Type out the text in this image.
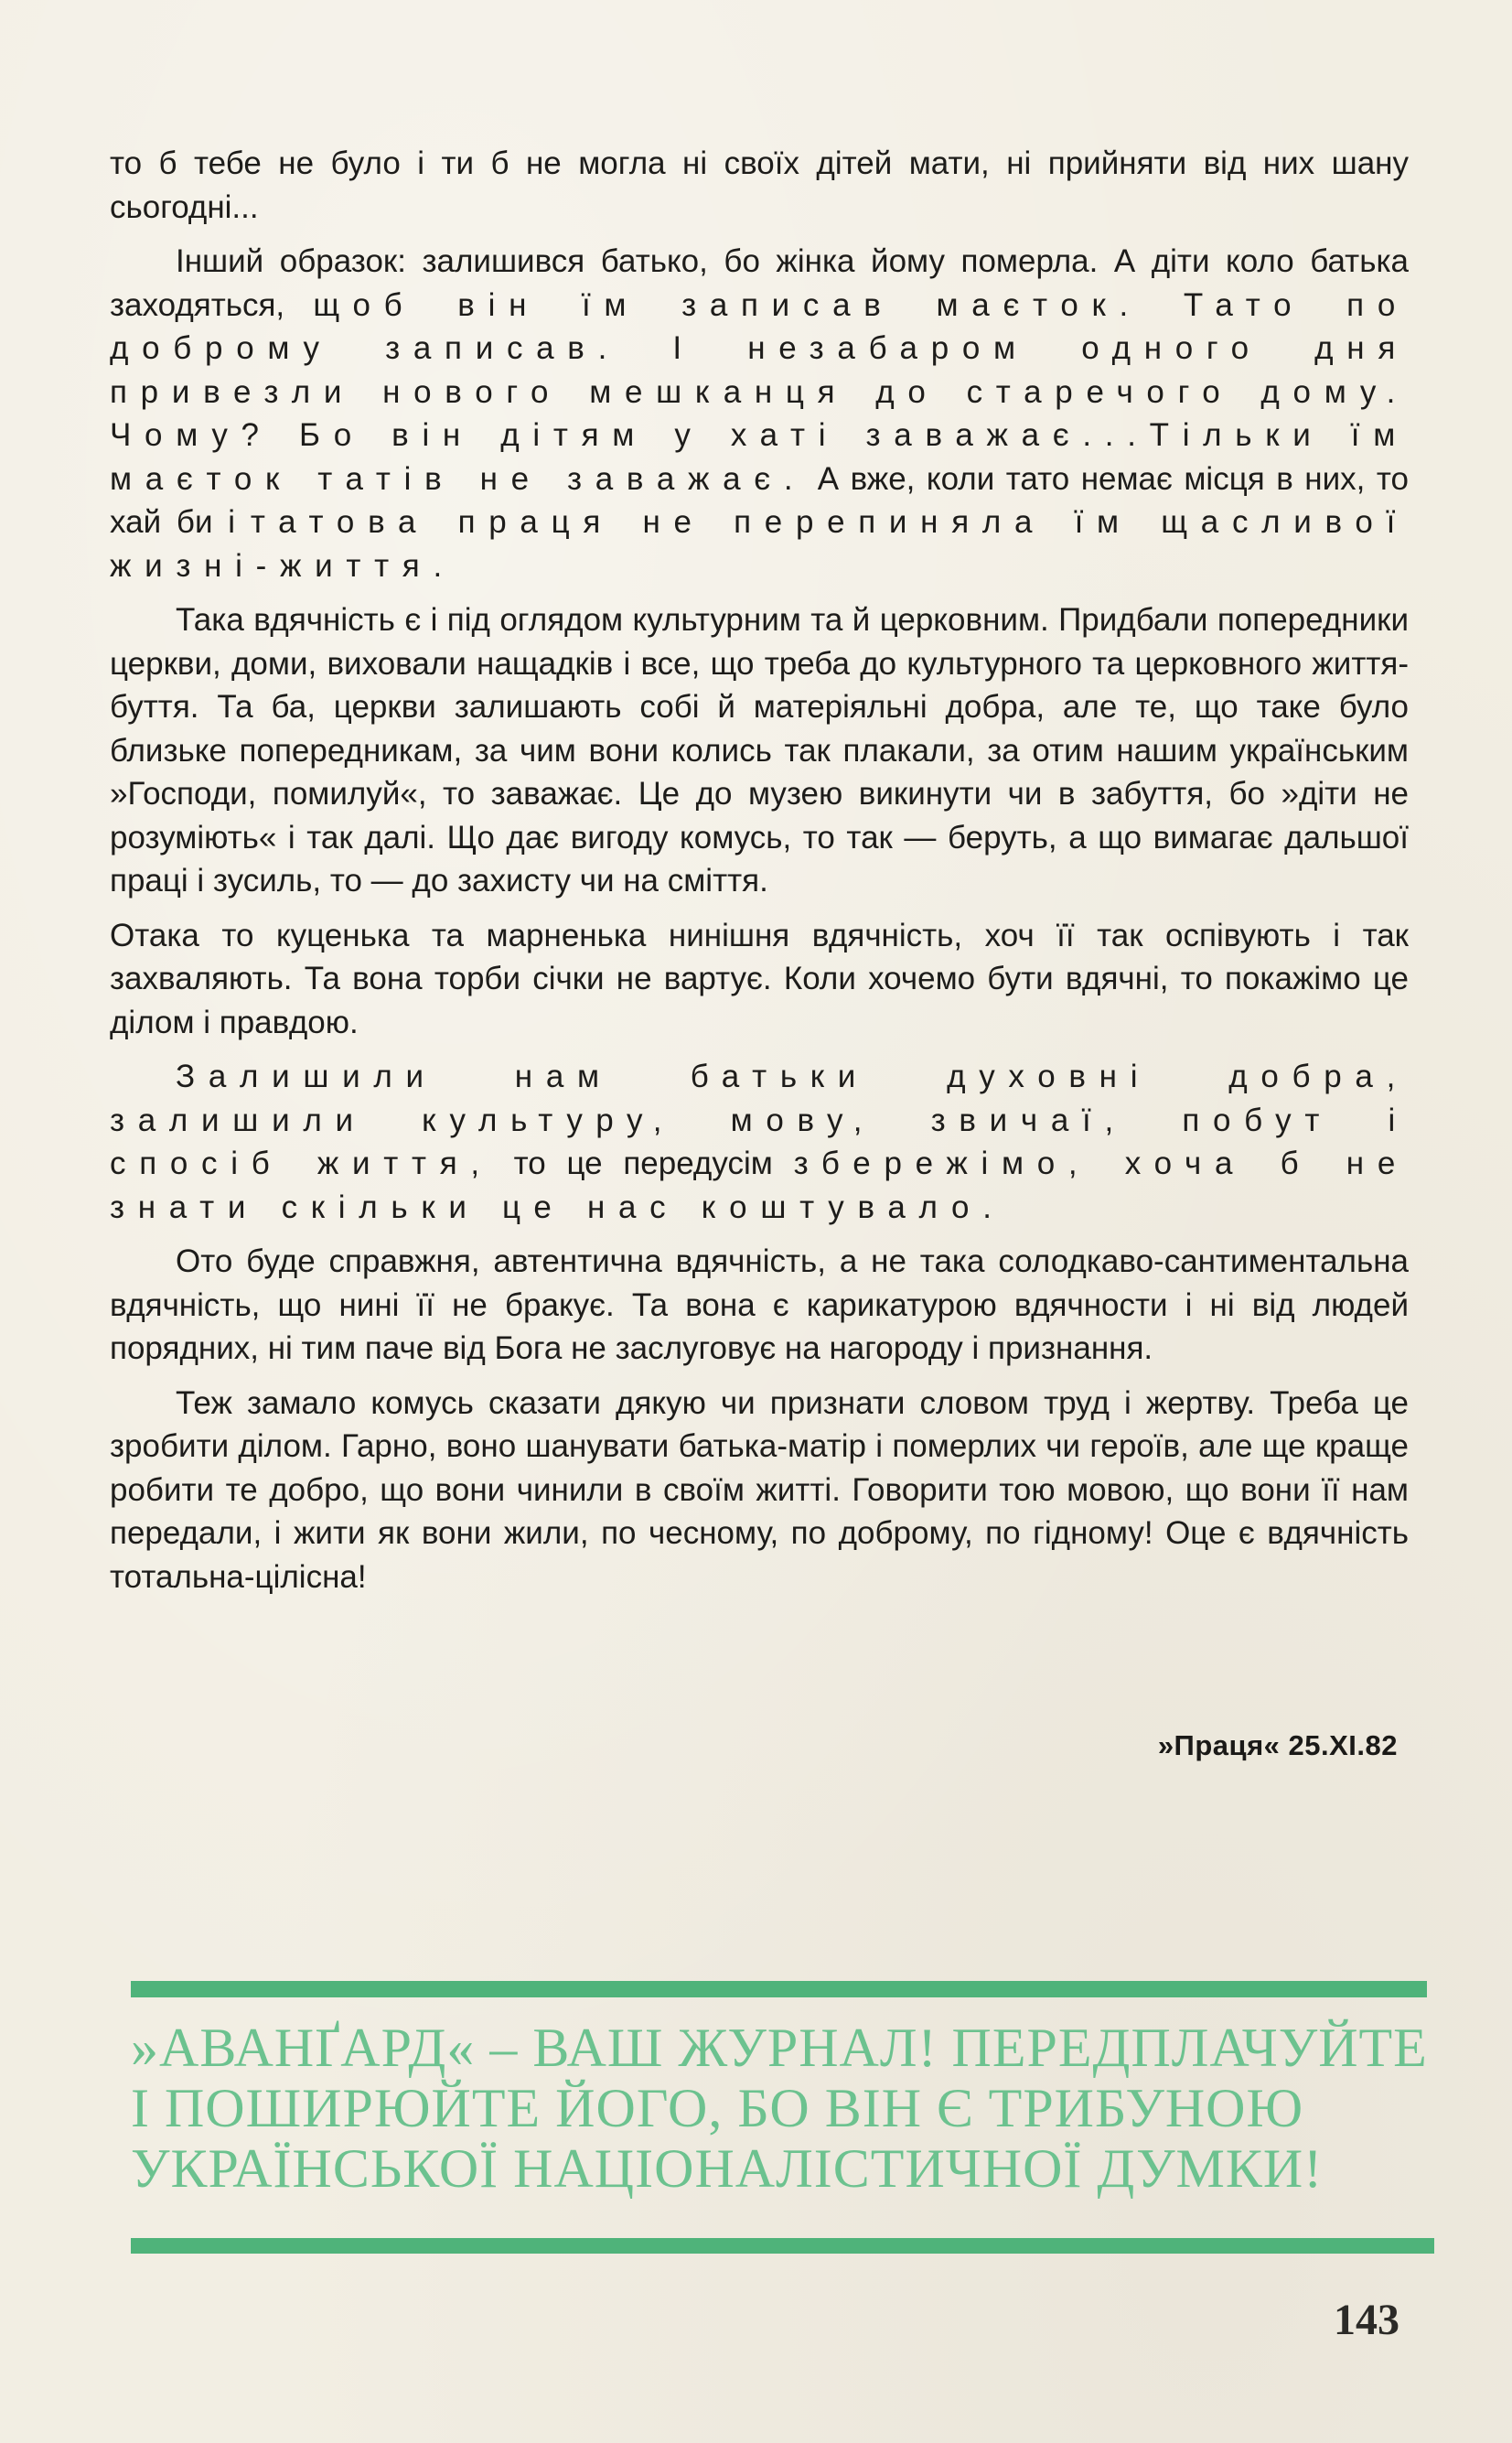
то б тебе не було і ти б не могла ні своїх дітей мати, ні прийняти від них шану сьогодні...

Інший образок: залишився батько, бо жінка йому померла. А діти коло батька заходяться, щоб він їм записав маєток. Тато по доброму записав. І незабаром одного дня привезли нового мешканця до старечого дому. Чому? Бо він дітям у хаті заважає...Тільки їм маєток татів не заважає. А вже, коли тато немає місця в них, то хай би і татова праця не перепиняла їм щасливої жизні-життя.

Така вдячність є і під оглядом культурним та й церковним. Придбали попередники церкви, доми, виховали нащадків і все, що треба до культурного та церковного життя-буття. Та ба, церкви залишають собі й матеріяльні добра, але те, що таке було близьке попередникам, за чим вони колись так плакали, за отим нашим українським »Господи, помилуй«, то заважає. Це до музею викинути чи в забуття, бо »діти не розуміють« і так далі. Що дає вигоду комусь, то так — беруть, а що вимагає дальшої праці і зусиль, то — до захисту чи на сміття.

Отака то куценька та марненька нинішня вдячність, хоч її так оспівують і так захваляють. Та вона торби січки не вартує. Коли хочемо бути вдячні, то покажімо це ділом і правдою.

Залишили нам батьки духовні добра, залишили культуру, мову, звичаї, побут і спосіб життя, то це передусім збережімо, хоча б не знати скільки це нас коштувало.

Ото буде справжня, автентична вдячність, а не така солодкаво-сантиментальна вдячність, що нині її не бракує. Та вона є карикатурою вдячности і ні від людей порядних, ні тим паче від Бога не заслуговує на нагороду і признання.

Теж замало комусь сказати дякую чи признати словом труд і жертву. Треба це зробити ділом. Гарно, воно шанувати батька-матір і померлих чи героїв, але ще краще робити те добро, що вони чинили в своїм житті. Говорити тою мовою, що вони її нам передали, і жити як вони жили, по чесному, по доброму, по гідному! Оце є вдячність тотальна-цілісна!

»Праця« 25.XI.82
»АВАНҐАРД« – ВАШ ЖУРНАЛ! ПЕРЕДПЛАЧУЙТЕ
І ПОШИРЮЙТЕ ЙОГО, БО ВІН Є ТРИБУНОЮ
УКРАЇНСЬКОЇ НАЦІОНАЛІСТИЧНОЇ ДУМКИ!
143
